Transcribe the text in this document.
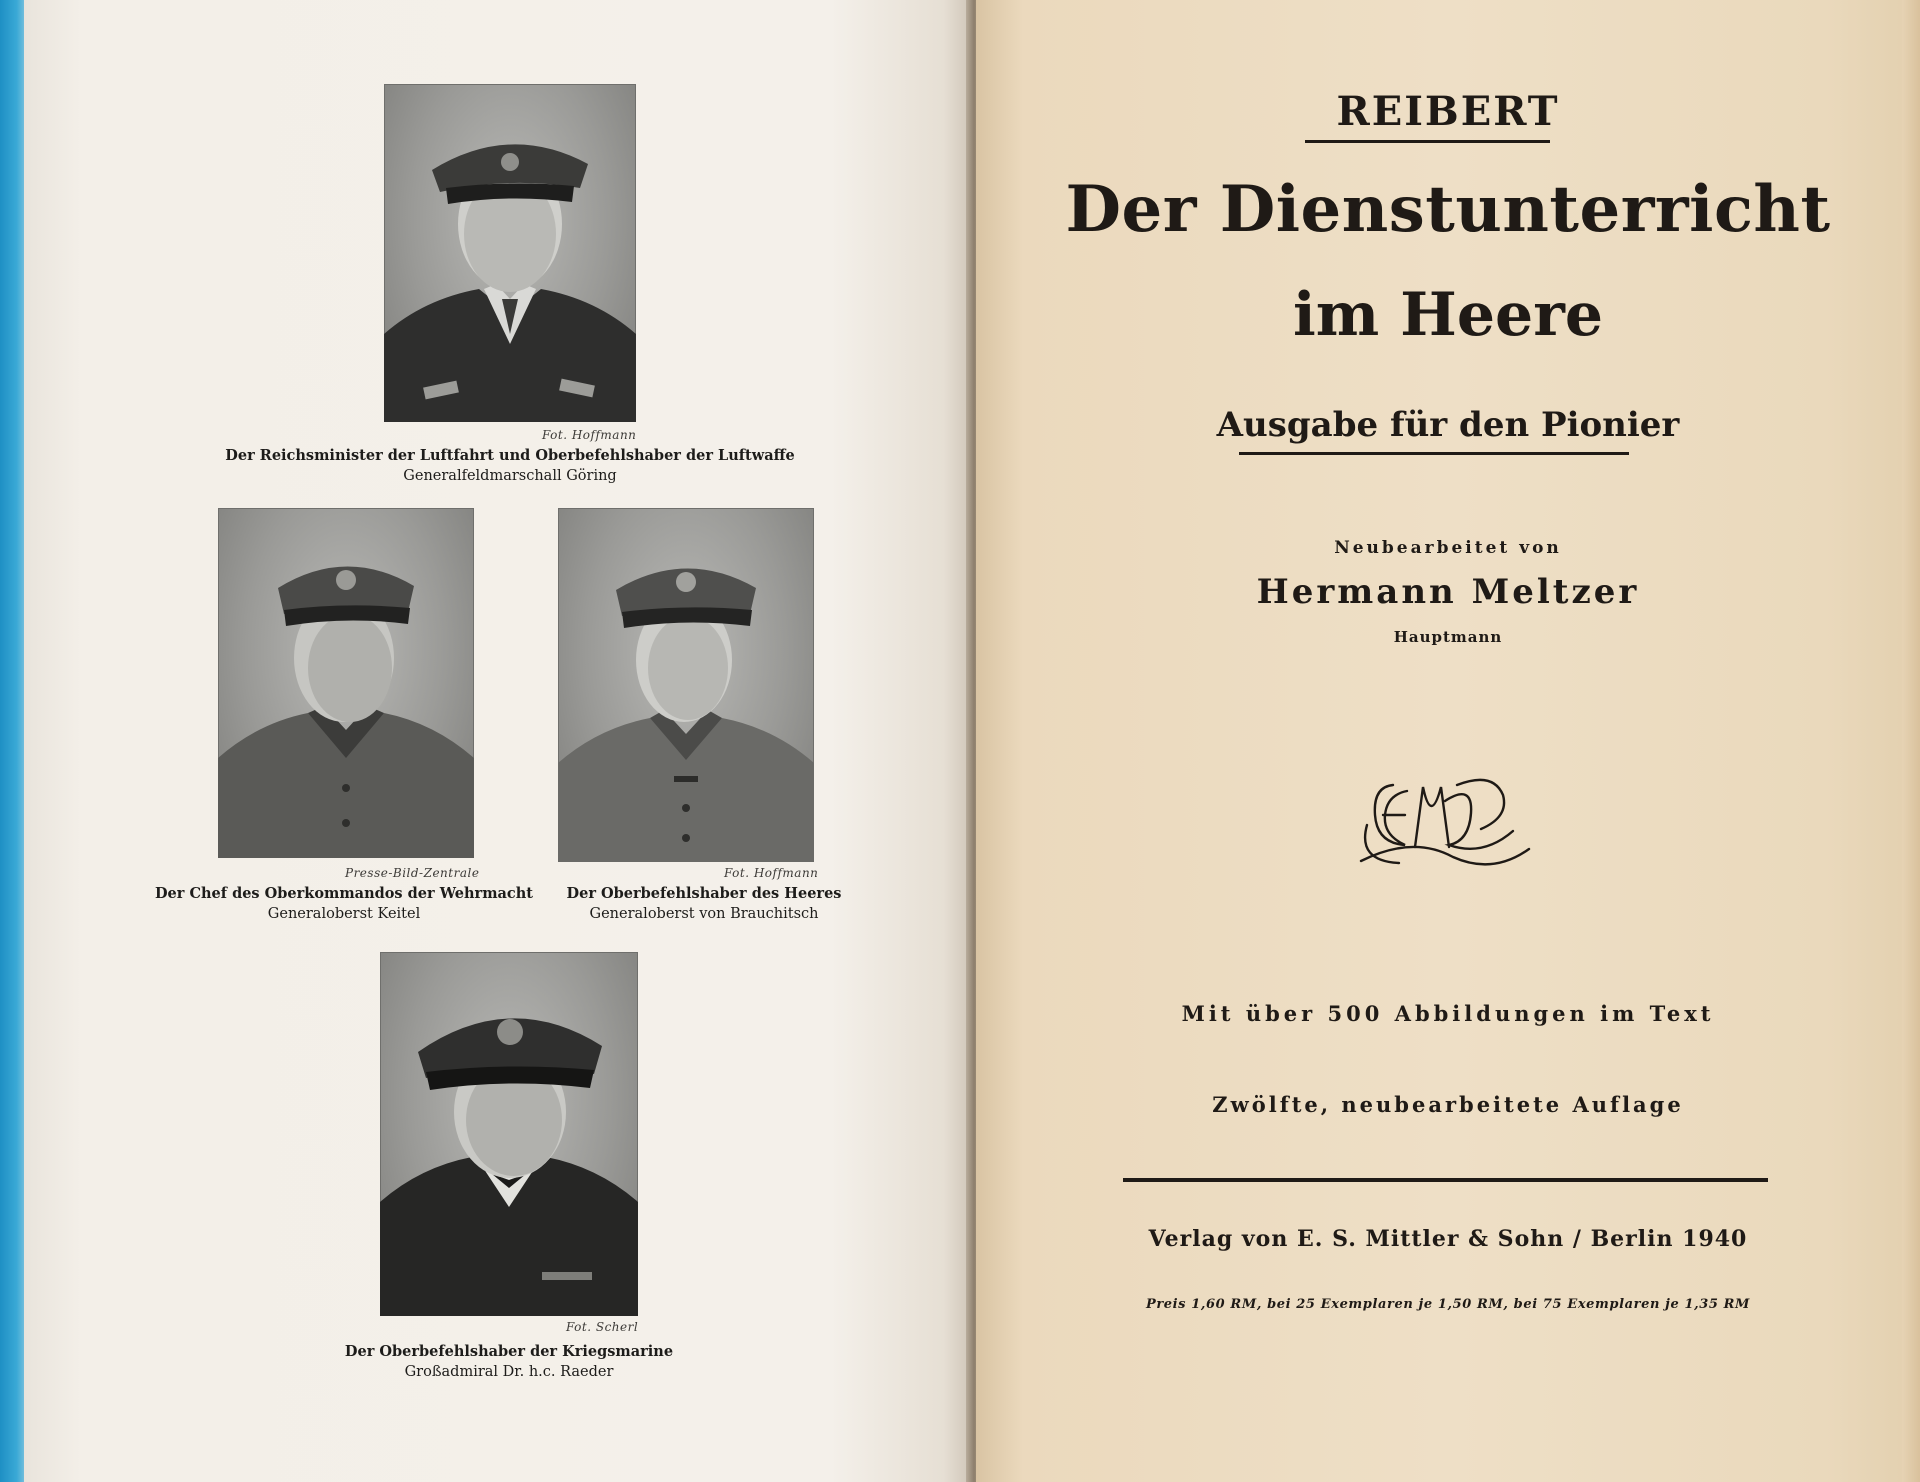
Fot. Hoffmann
Der Reichsminister der Luftfahrt und Oberbefehlshaber der Luftwaffe
Generalfeldmarschall Göring
Presse-Bild-Zentrale
Der Chef des Oberkommandos der Wehrmacht
Generaloberst Keitel
Fot. Hoffmann
Der Oberbefehlshaber des Heeres
Generaloberst von Brauchitsch
Fot. Scherl
Der Oberbefehlshaber der Kriegsmarine
Großadmiral Dr. h.c. Raeder
REIBERT
Der Dienstunterricht
im Heere
Ausgabe für den Pionier
Neubearbeitet von
Hermann Meltzer
Hauptmann
Mit über 500 Abbildungen im Text
Zwölfte, neubearbeitete Auflage
Verlag von E. S. Mittler & Sohn / Berlin 1940
Preis 1,60 RM, bei 25 Exemplaren je 1,50 RM, bei 75 Exemplaren je 1,35 RM
